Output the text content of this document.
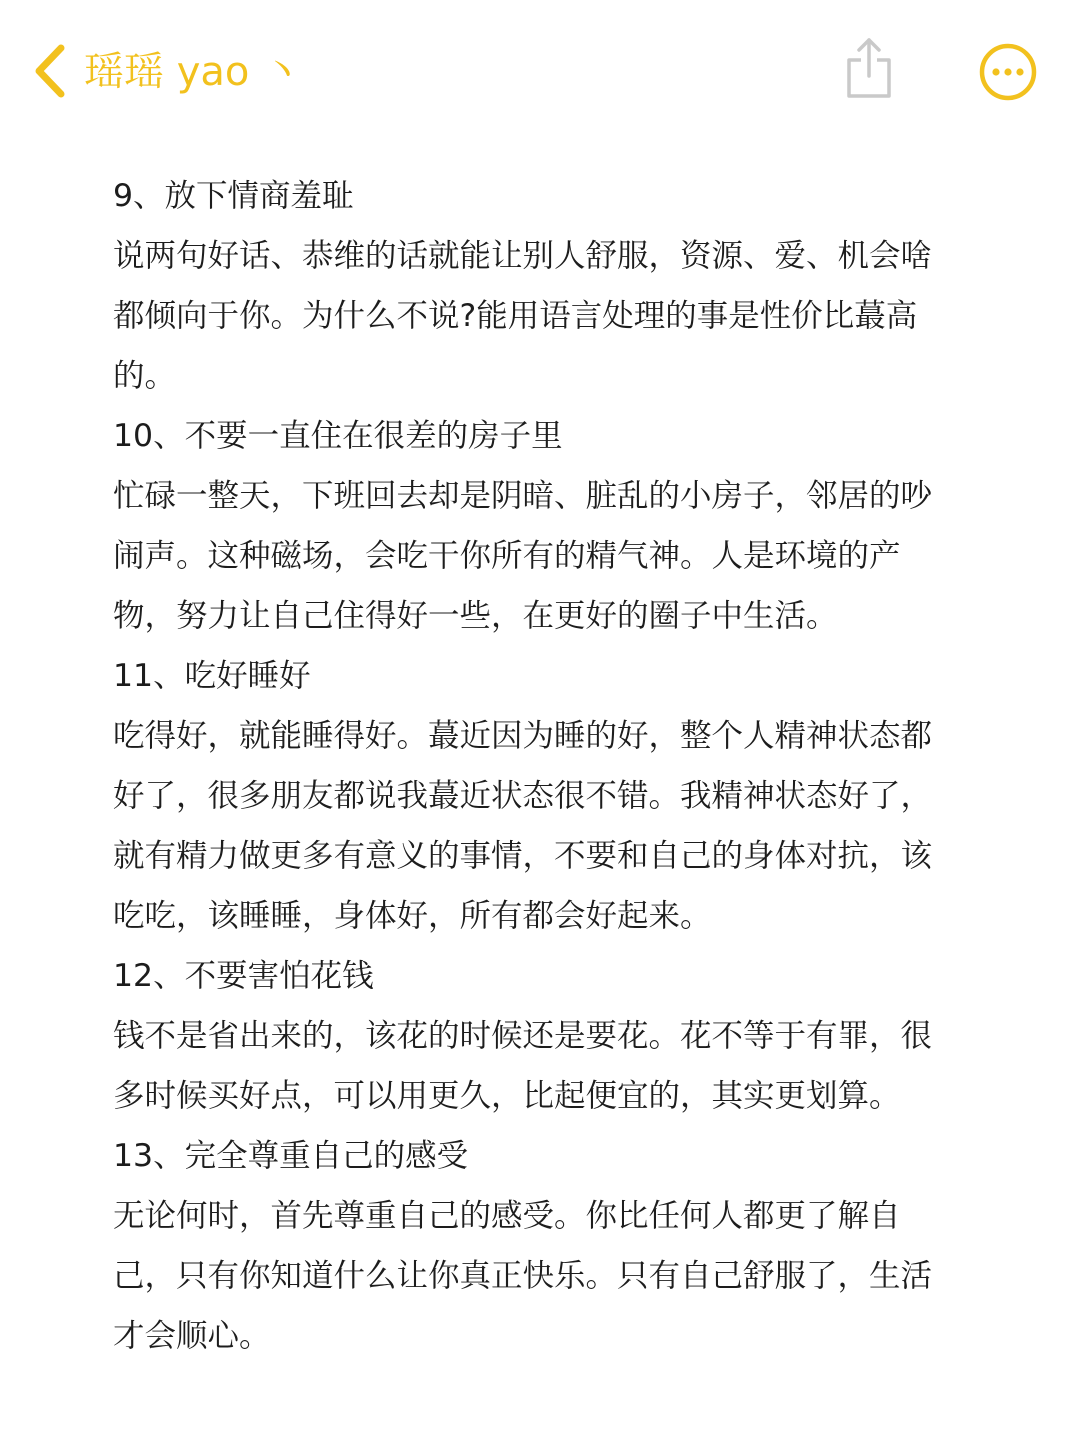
瑶瑶 yao 丶
9、放下情商羞耻
说两句好话、恭维的话就能让别人舒服，资源、爱、机会啥
都倾向于你。为什么不说?能用语言处理的事是性价比蕞高
的。
10、不要一直住在很差的房子里
忙碌一整天，下班回去却是阴暗、脏乱的小房子，邻居的吵
闹声。这种磁场，会吃干你所有的精气神。人是环境的产
物，努力让自己住得好一些，在更好的圈子中生活。
11、吃好睡好
吃得好，就能睡得好。蕞近因为睡的好，整个人精神状态都
好了，很多朋友都说我蕞近状态很不错。我精神状态好了，
就有精力做更多有意义的事情，不要和自己的身体对抗，该
吃吃，该睡睡，身体好，所有都会好起来。
12、不要害怕花钱
钱不是省出来的，该花的时候还是要花。花不等于有罪，很
多时候买好点，可以用更久，比起便宜的，其实更划算。
13、完全尊重自己的感受
无论何时，首先尊重自己的感受。你比任何人都更了解自
己，只有你知道什么让你真正快乐。只有自己舒服了，生活
才会顺心。
